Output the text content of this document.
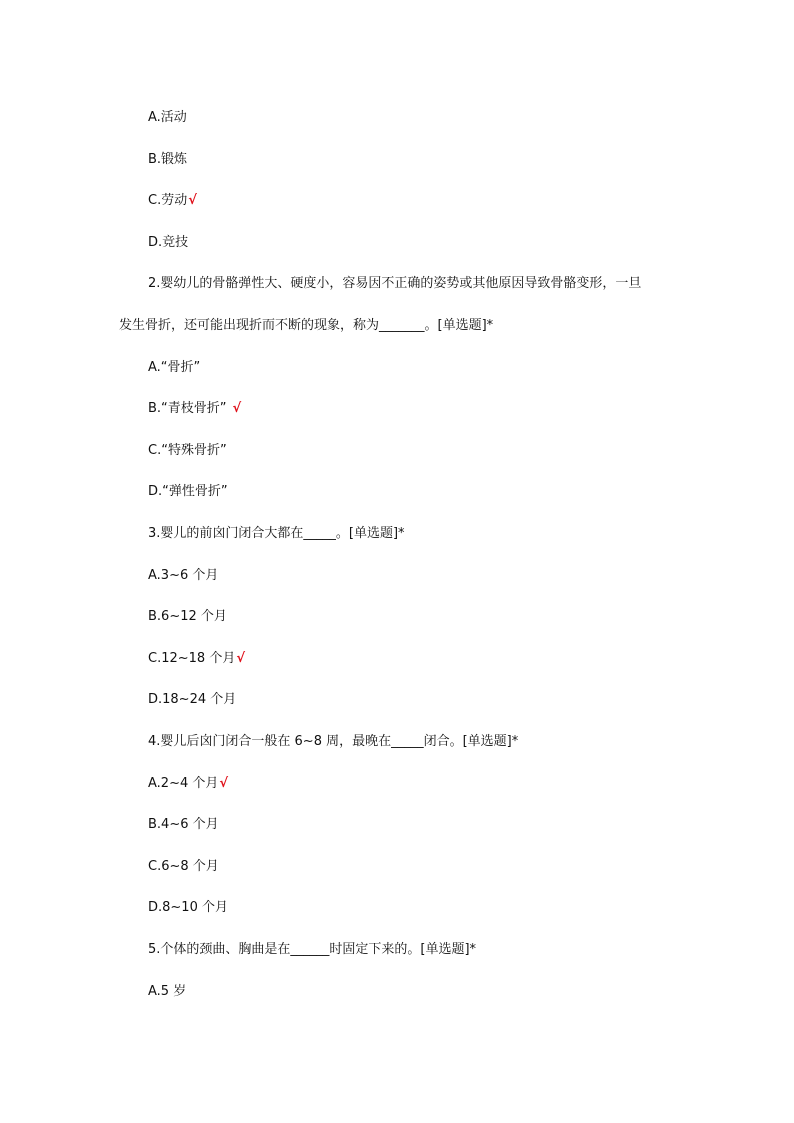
A.活动
B.锻炼
C.劳动√
D.竞技
2.婴幼儿的骨骼弹性大、硬度小，容易因不正确的姿势或其他原因导致骨骼变形，一旦
发生骨折，还可能出现折而不断的现象，称为_______。[单选题]*
A.“骨折”
B.“青枝骨折” √
C.“特殊骨折”
D.“弹性骨折”
3.婴儿的前囟门闭合大都在_____。[单选题]*
A.3~6 个月
B.6~12 个月
C.12~18 个月√
D.18~24 个月
4.婴儿后囟门闭合一般在 6~8 周，最晚在_____闭合。[单选题]*
A.2~4 个月√
B.4~6 个月
C.6~8 个月
D.8~10 个月
5.个体的颈曲、胸曲是在______时固定下来的。[单选题]*
A.5 岁
